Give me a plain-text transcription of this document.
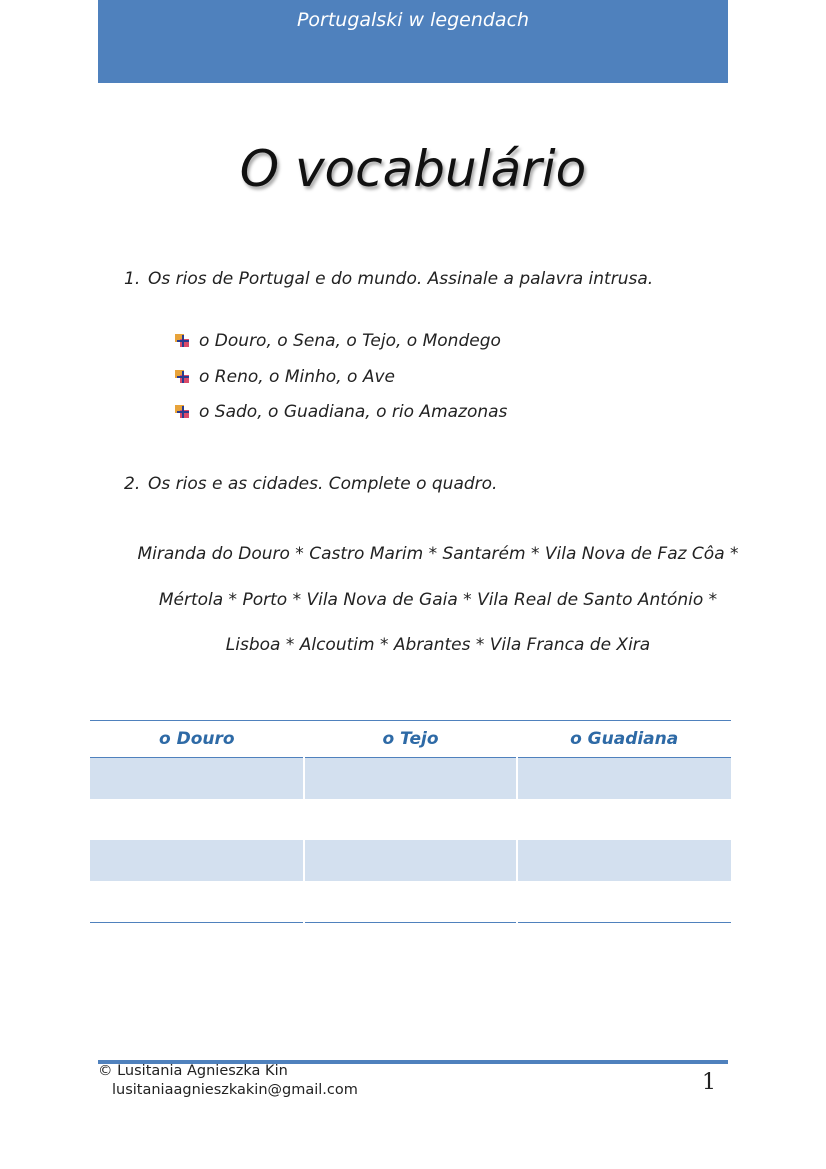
Portugalski w legendach
O vocabulário
1. Os rios de Portugal e do mundo. Assinale a palavra intrusa.
o Douro, o Sena, o Tejo, o Mondego
o Reno, o Minho, o Ave
o Sado, o Guadiana, o rio Amazonas
2. Os rios e as cidades. Complete o quadro.
Miranda do Douro * Castro Marim * Santarém * Vila Nova de Faz Côa *
Mértola * Porto * Vila Nova de Gaia * Vila Real de Santo António *
Lisboa * Alcoutim * Abrantes * Vila Franca de Xira
o Douro	o Tejo	o Guadiana

© Lusitania Agnieszka Kin
lusitaniaagnieszkakin@gmail.com	1
